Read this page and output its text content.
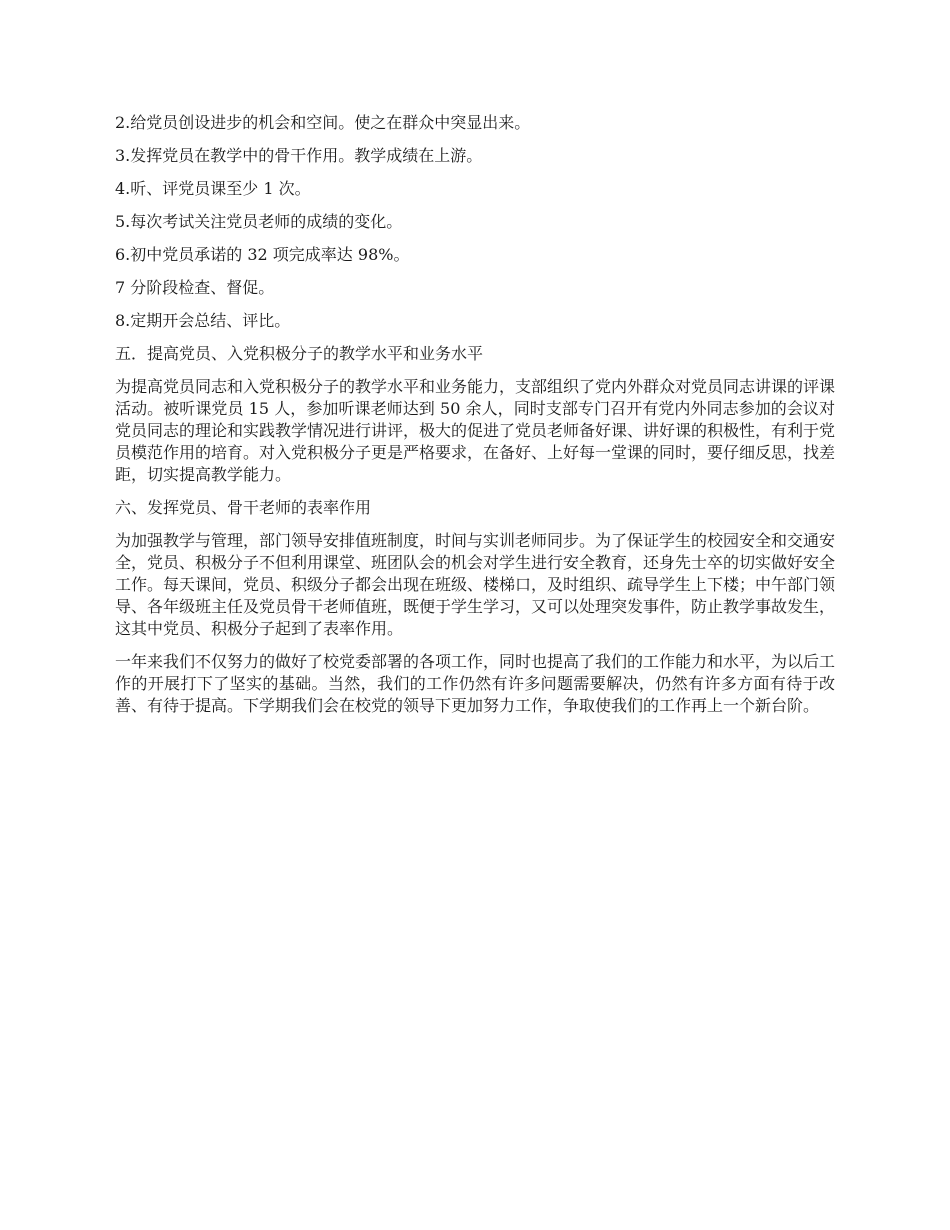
2.给党员创设进步的机会和空间。使之在群众中突显出来。

3.发挥党员在教学中的骨干作用。教学成绩在上游。

4.听、评党员课至少 1 次。

5.每次考试关注党员老师的成绩的变化。

6.初中党员承诺的 32 项完成率达 98%。

7 分阶段检查、督促。

8.定期开会总结、评比。

五．提高党员、入党积极分子的教学水平和业务水平

为提高党员同志和入党积极分子的教学水平和业务能力，支部组织了党内外群众对党员同志讲课的评课活动。被听课党员 15 人，参加听课老师达到 50 余人，同时支部专门召开有党内外同志参加的会议对党员同志的理论和实践教学情况进行讲评，极大的促进了党员老师备好课、讲好课的积极性，有利于党员模范作用的培育。对入党积极分子更是严格要求，在备好、上好每一堂课的同时，要仔细反思，找差距，切实提高教学能力。

六、发挥党员、骨干老师的表率作用

为加强教学与管理，部门领导安排值班制度，时间与实训老师同步。为了保证学生的校园安全和交通安全，党员、积极分子不但利用课堂、班团队会的机会对学生进行安全教育，还身先士卒的切实做好安全工作。每天课间，党员、积级分子都会出现在班级、楼梯口，及时组织、疏导学生上下楼；中午部门领导、各年级班主任及党员骨干老师值班，既便于学生学习，又可以处理突发事件，防止教学事故发生，这其中党员、积极分子起到了表率作用。

一年来我们不仅努力的做好了校党委部署的各项工作，同时也提高了我们的工作能力和水平，为以后工作的开展打下了坚实的基础。当然，我们的工作仍然有许多问题需要解决，仍然有许多方面有待于改善、有待于提高。下学期我们会在校党的领导下更加努力工作，争取使我们的工作再上一个新台阶。
